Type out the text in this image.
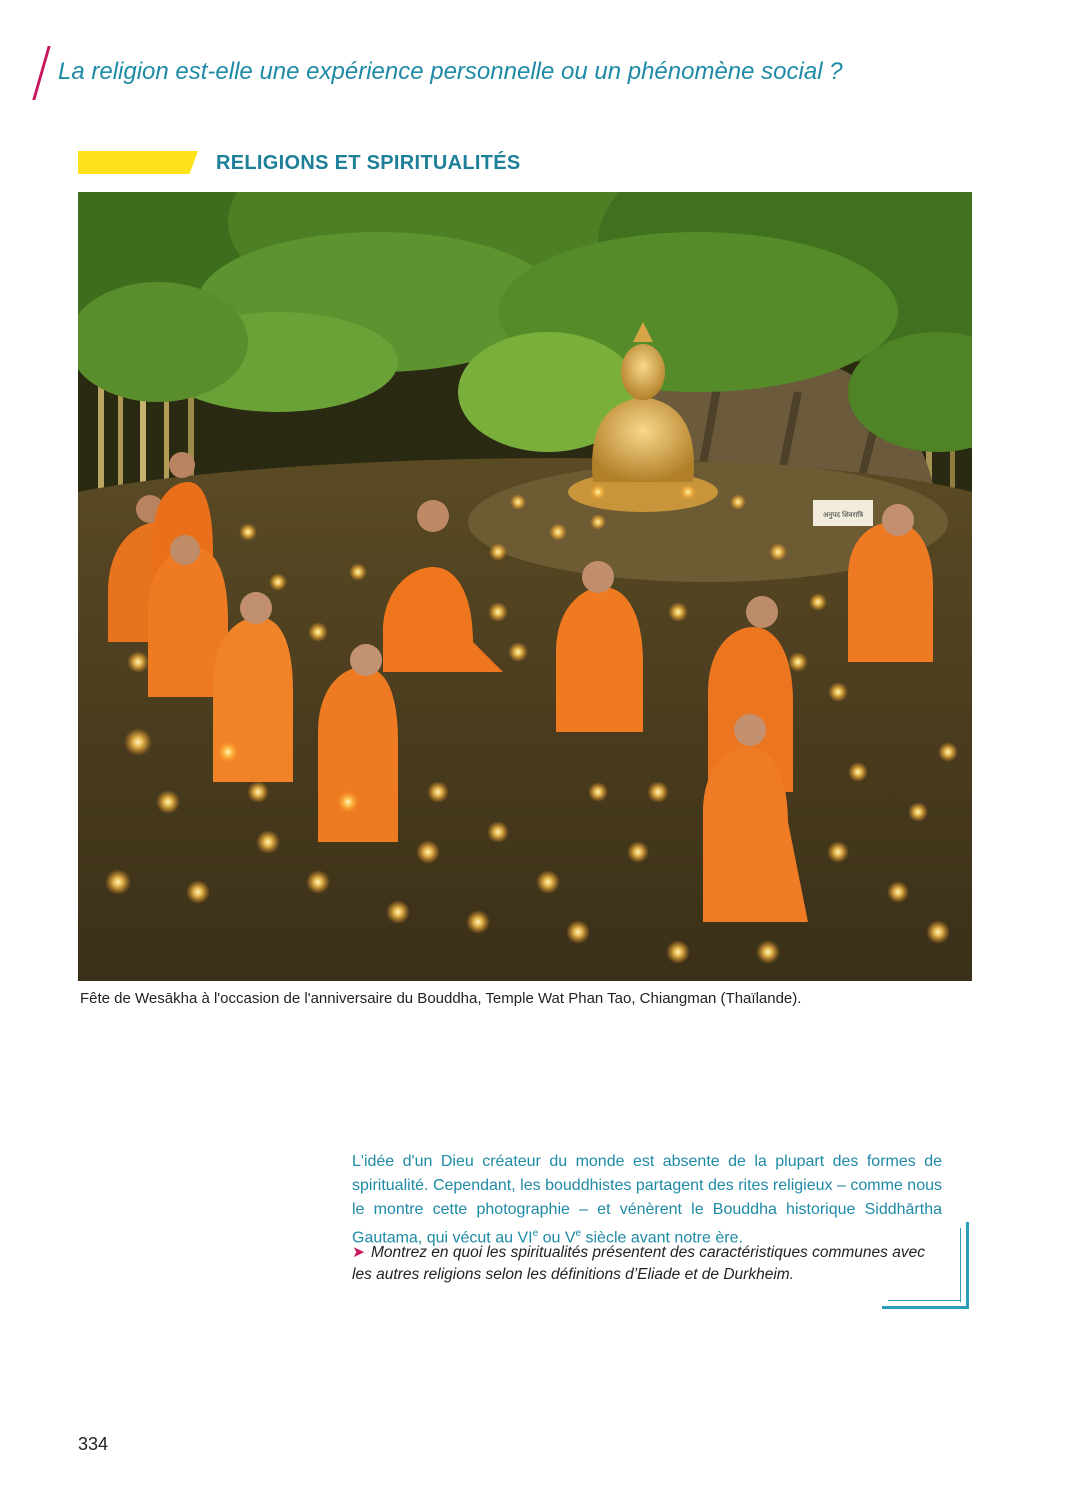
La religion est-elle une expérience personnelle ou un phénomène social ?
RELIGIONS ET SPIRITUALITÉS
अनुपद शिवरात्रि
Fête de Wesākha à l'occasion de l'anniversaire du Bouddha, Temple Wat Phan Tao, Chiangman (Thaïlande).

L'idée d'un Dieu créateur du monde est absente de la plupart des formes de spiritualité. Cependant, les bouddhistes partagent des rites religieux – comme nous le montre cette photographie – et vénèrent le Bouddha historique Siddhārtha Gautama, qui vécut au VIe ou Ve siècle avant notre ère.

➤ Montrez en quoi les spiritualités présentent des caractéristiques communes avec les autres religions selon les définitions d’Eliade et de Durkheim.

334
